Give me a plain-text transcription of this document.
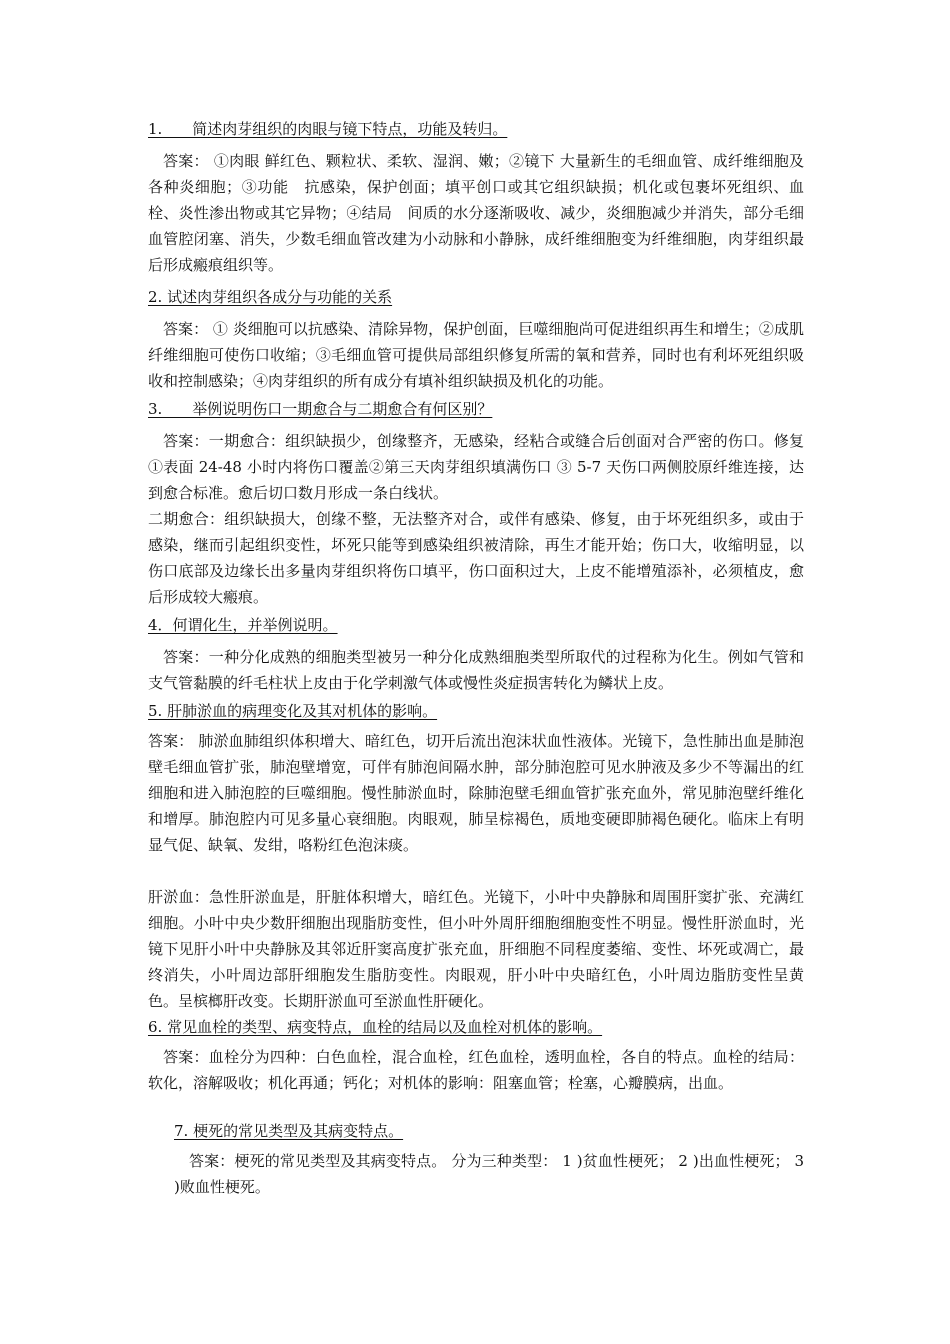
1.　　简述肉芽组织的肉眼与镜下特点，功能及转归。

答案： ①肉眼 鲜红色、颗粒状、柔软、湿润、嫩；②镜下 大量新生的毛细血管、成纤维细胞及各种炎细胞；③功能　抗感染，保护创面；填平创口或其它组织缺损；机化或包裹坏死组织、血栓、炎性渗出物或其它异物；④结局　间质的水分逐渐吸收、减少，炎细胞减少并消失，部分毛细血管腔闭塞、消失，少数毛细血管改建为小动脉和小静脉，成纤维细胞变为纤维细胞，肉芽组织最后形成瘢痕组织等。

2. 试述肉芽组织各成分与功能的关系

答案： ① 炎细胞可以抗感染、清除异物，保护创面，巨噬细胞尚可促进组织再生和增生；②成肌纤维细胞可使伤口收缩；③毛细血管可提供局部组织修复所需的氧和营养，同时也有利坏死组织吸收和控制感染；④肉芽组织的所有成分有填补组织缺损及机化的功能。

3.　　举例说明伤口一期愈合与二期愈合有何区别？

答案：一期愈合：组织缺损少，创缘整齐，无感染，经粘合或缝合后创面对合严密的伤口。修复①表面 24-48 小时内将伤口覆盖②第三天肉芽组织填满伤口 ③ 5-7 天伤口两侧胶原纤维连接，达到愈合标准。愈后切口数月形成一条白线状。

二期愈合：组织缺损大，创缘不整，无法整齐对合，或伴有感染、修复，由于坏死组织多，或由于感染，继而引起组织变性，坏死只能等到感染组织被清除，再生才能开始；伤口大，收缩明显，以伤口底部及边缘长出多量肉芽组织将伤口填平，伤口面积过大，上皮不能增殖添补，必须植皮，愈后形成较大瘢痕。

4．何谓化生，并举例说明。

答案：一种分化成熟的细胞类型被另一种分化成熟细胞类型所取代的过程称为化生。例如气管和支气管黏膜的纤毛柱状上皮由于化学刺激气体或慢性炎症损害转化为鳞状上皮。

5. 肝肺淤血的病理变化及其对机体的影响。

答案： 肺淤血肺组织体积增大、暗红色，切开后流出泡沫状血性液体。光镜下，急性肺出血是肺泡壁毛细血管扩张，肺泡壁增宽，可伴有肺泡间隔水肿，部分肺泡腔可见水肿液及多少不等漏出的红细胞和进入肺泡腔的巨噬细胞。慢性肺淤血时，除肺泡壁毛细血管扩张充血外，常见肺泡壁纤维化和增厚。肺泡腔内可见多量心衰细胞。肉眼观，肺呈棕褐色，质地变硬即肺褐色硬化。临床上有明显气促、缺氧、发绀，咯粉红色泡沫痰。

肝淤血：急性肝淤血是，肝脏体积增大，暗红色。光镜下，小叶中央静脉和周围肝窦扩张、充满红细胞。小叶中央少数肝细胞出现脂肪变性，但小叶外周肝细胞细胞变性不明显。慢性肝淤血时，光镜下见肝小叶中央静脉及其邻近肝窦高度扩张充血，肝细胞不同程度萎缩、变性、坏死或凋亡，最终消失，小叶周边部肝细胞发生脂肪变性。肉眼观，肝小叶中央暗红色，小叶周边脂肪变性呈黄色。呈槟榔肝改变。长期肝淤血可至淤血性肝硬化。

6. 常见血栓的类型、病变特点，血栓的结局以及血栓对机体的影响。

答案：血栓分为四种：白色血栓，混合血栓，红色血栓，透明血栓，各自的特点。血栓的结局：软化，溶解吸收；机化再通；钙化；对机体的影响：阻塞血管；栓塞，心瓣膜病，出血。

7. 梗死的常见类型及其病变特点。

答案：梗死的常见类型及其病变特点。 分为三种类型： 1 )贫血性梗死； 2 )出血性梗死； 3 )败血性梗死。
